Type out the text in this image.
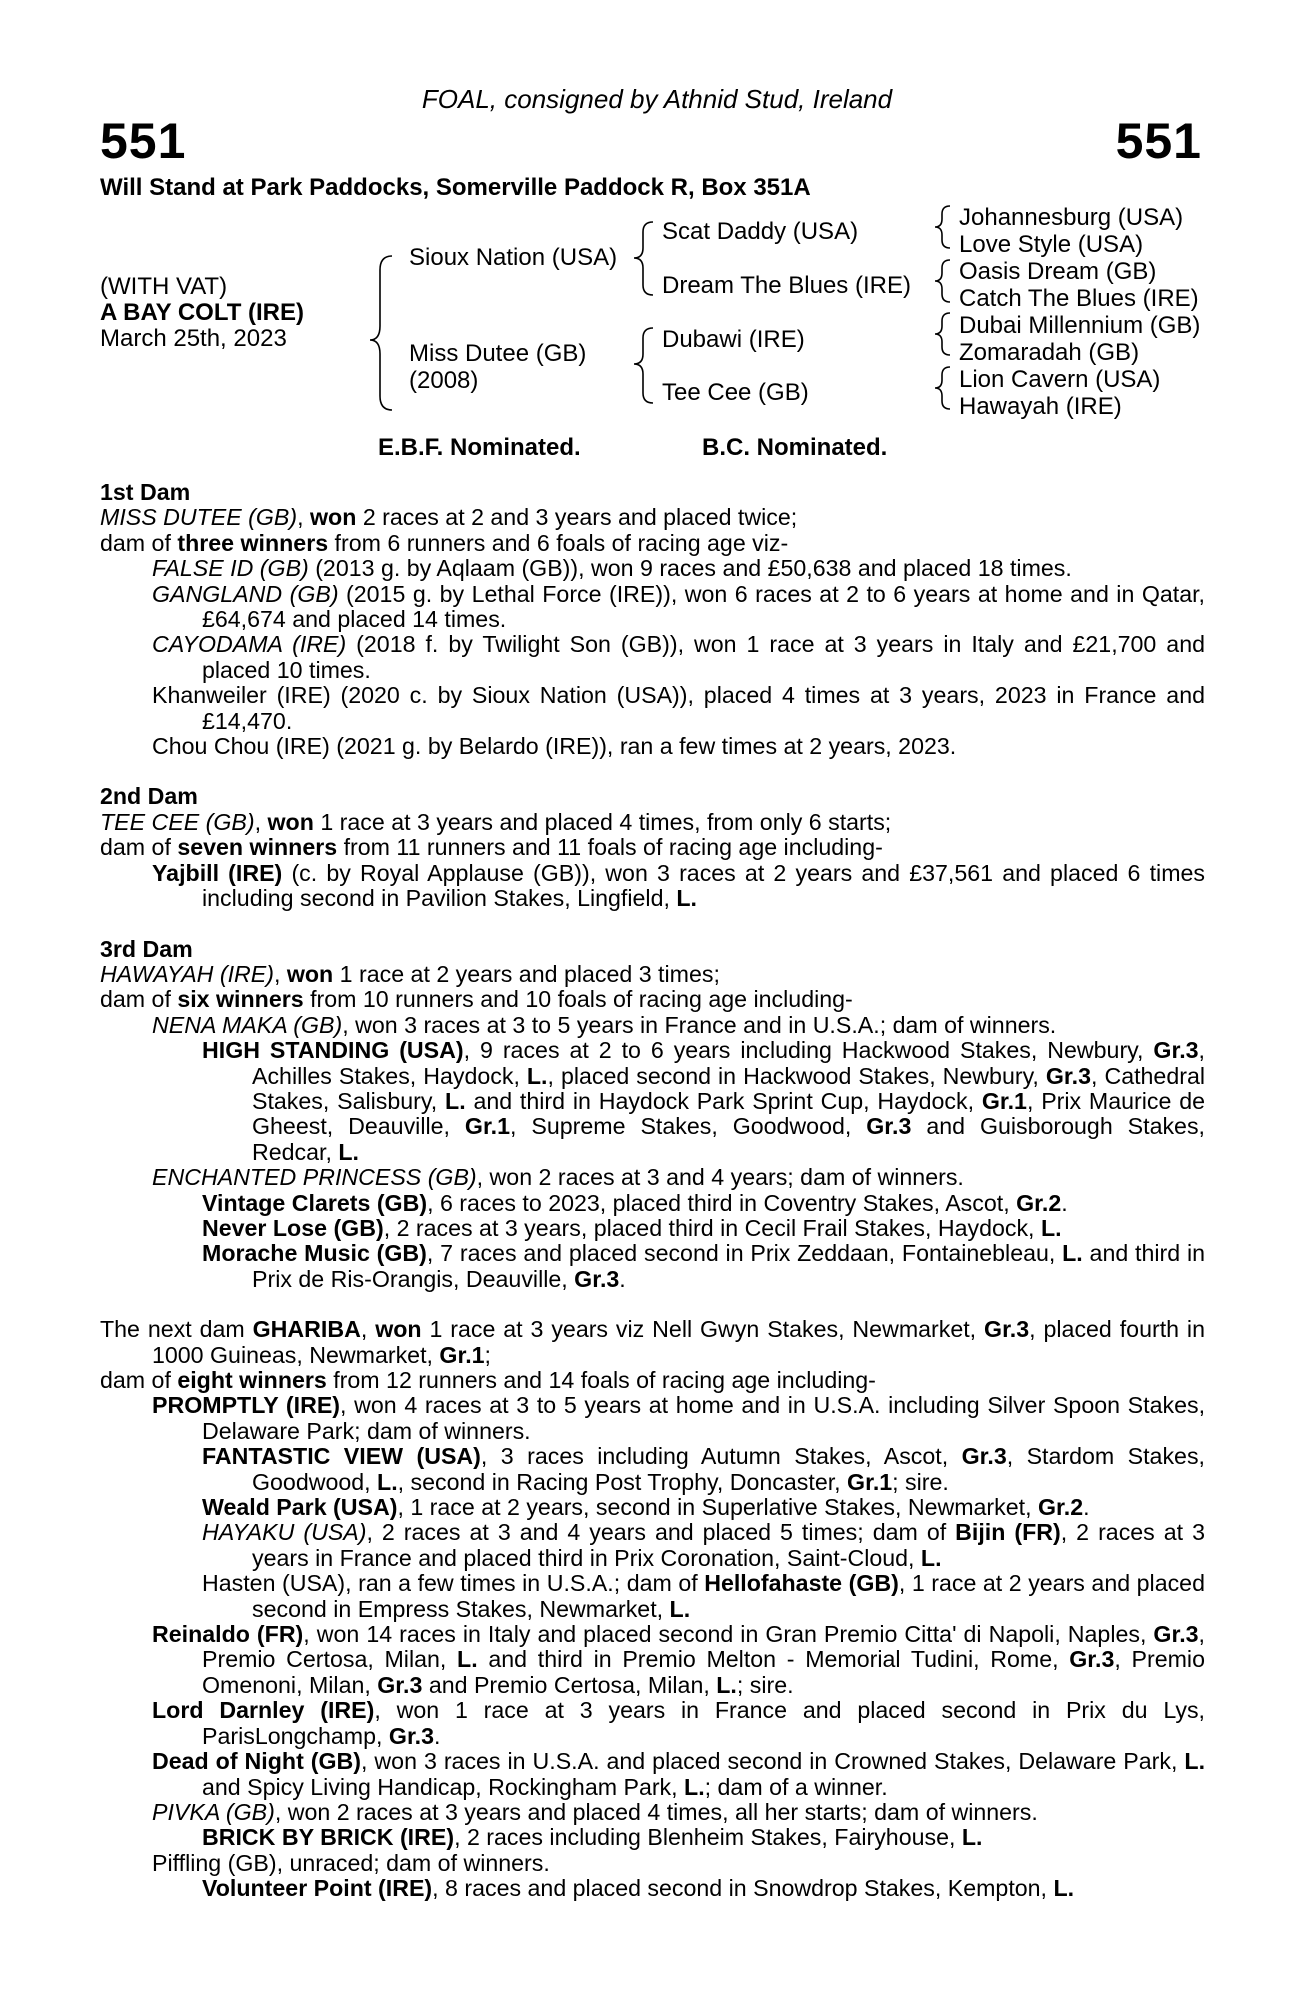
FOAL, consigned by Athnid Stud, Ireland
551	551
Will Stand at Park Paddocks, Somerville Paddock R, Box 351A
(WITH VAT)
A BAY COLT (IRE)
March 25th, 2023
Sioux Nation (USA)
Miss Dutee (GB)
(2008)
Scat Daddy (USA)
Dream The Blues (IRE)
Dubawi (IRE)
Tee Cee (GB)
Johannesburg (USA)
Love Style (USA)
Oasis Dream (GB)
Catch The Blues (IRE)
Dubai Millennium (GB)
Zomaradah (GB)
Lion Cavern (USA)
Hawayah (IRE)
E.B.F. Nominated.	B.C. Nominated.

1st Dam

MISS DUTEE (GB), won 2 races at 2 and 3 years and placed twice;

dam of three winners from 6 runners and 6 foals of racing age viz-

FALSE ID (GB) (2013 g. by Aqlaam (GB)), won 9 races and £50,638 and placed 18 times.

GANGLAND (GB) (2015 g. by Lethal Force (IRE)), won 6 races at 2 to 6 years at home and in Qatar, £64,674 and placed 14 times.

CAYODAMA (IRE) (2018 f. by Twilight Son (GB)), won 1 race at 3 years in Italy and £21,700 and placed 10 times.

Khanweiler (IRE) (2020 c. by Sioux Nation (USA)), placed 4 times at 3 years, 2023 in France and £14,470.

Chou Chou (IRE) (2021 g. by Belardo (IRE)), ran a few times at 2 years, 2023.

2nd Dam

TEE CEE (GB), won 1 race at 3 years and placed 4 times, from only 6 starts;

dam of seven winners from 11 runners and 11 foals of racing age including-

Yajbill (IRE) (c. by Royal Applause (GB)), won 3 races at 2 years and £37,561 and placed 6 times including second in Pavilion Stakes, Lingfield, L.

3rd Dam

HAWAYAH (IRE), won 1 race at 2 years and placed 3 times;

dam of six winners from 10 runners and 10 foals of racing age including-

NENA MAKA (GB), won 3 races at 3 to 5 years in France and in U.S.A.; dam of winners.

HIGH STANDING (USA), 9 races at 2 to 6 years including Hackwood Stakes, Newbury, Gr.3, Achilles Stakes, Haydock, L., placed second in Hackwood Stakes, Newbury, Gr.3, Cathedral Stakes, Salisbury, L. and third in Haydock Park Sprint Cup, Haydock, Gr.1, Prix Maurice de Gheest, Deauville, Gr.1, Supreme Stakes, Goodwood, Gr.3 and Guisborough Stakes, Redcar, L.

ENCHANTED PRINCESS (GB), won 2 races at 3 and 4 years; dam of winners.

Vintage Clarets (GB), 6 races to 2023, placed third in Coventry Stakes, Ascot, Gr.2.

Never Lose (GB), 2 races at 3 years, placed third in Cecil Frail Stakes, Haydock, L.

Morache Music (GB), 7 races and placed second in Prix Zeddaan, Fontainebleau, L. and third in Prix de Ris-Orangis, Deauville, Gr.3.

The next dam GHARIBA, won 1 race at 3 years viz Nell Gwyn Stakes, Newmarket, Gr.3, placed fourth in 1000 Guineas, Newmarket, Gr.1;

dam of eight winners from 12 runners and 14 foals of racing age including-

PROMPTLY (IRE), won 4 races at 3 to 5 years at home and in U.S.A. including Silver Spoon Stakes, Delaware Park; dam of winners.

FANTASTIC VIEW (USA), 3 races including Autumn Stakes, Ascot, Gr.3, Stardom Stakes, Goodwood, L., second in Racing Post Trophy, Doncaster, Gr.1; sire.

Weald Park (USA), 1 race at 2 years, second in Superlative Stakes, Newmarket, Gr.2.

HAYAKU (USA), 2 races at 3 and 4 years and placed 5 times; dam of Bijin (FR), 2 races at 3 years in France and placed third in Prix Coronation, Saint-Cloud, L.

Hasten (USA), ran a few times in U.S.A.; dam of Hellofahaste (GB), 1 race at 2 years and placed second in Empress Stakes, Newmarket, L.

Reinaldo (FR), won 14 races in Italy and placed second in Gran Premio Citta' di Napoli, Naples, Gr.3, Premio Certosa, Milan, L. and third in Premio Melton - Memorial Tudini, Rome, Gr.3, Premio Omenoni, Milan, Gr.3 and Premio Certosa, Milan, L.; sire.

Lord Darnley (IRE), won 1 race at 3 years in France and placed second in Prix du Lys, ParisLongchamp, Gr.3.

Dead of Night (GB), won 3 races in U.S.A. and placed second in Crowned Stakes, Delaware Park, L. and Spicy Living Handicap, Rockingham Park, L.; dam of a winner.

PIVKA (GB), won 2 races at 3 years and placed 4 times, all her starts; dam of winners.

BRICK BY BRICK (IRE), 2 races including Blenheim Stakes, Fairyhouse, L.

Piffling (GB), unraced; dam of winners.

Volunteer Point (IRE), 8 races and placed second in Snowdrop Stakes, Kempton, L.
